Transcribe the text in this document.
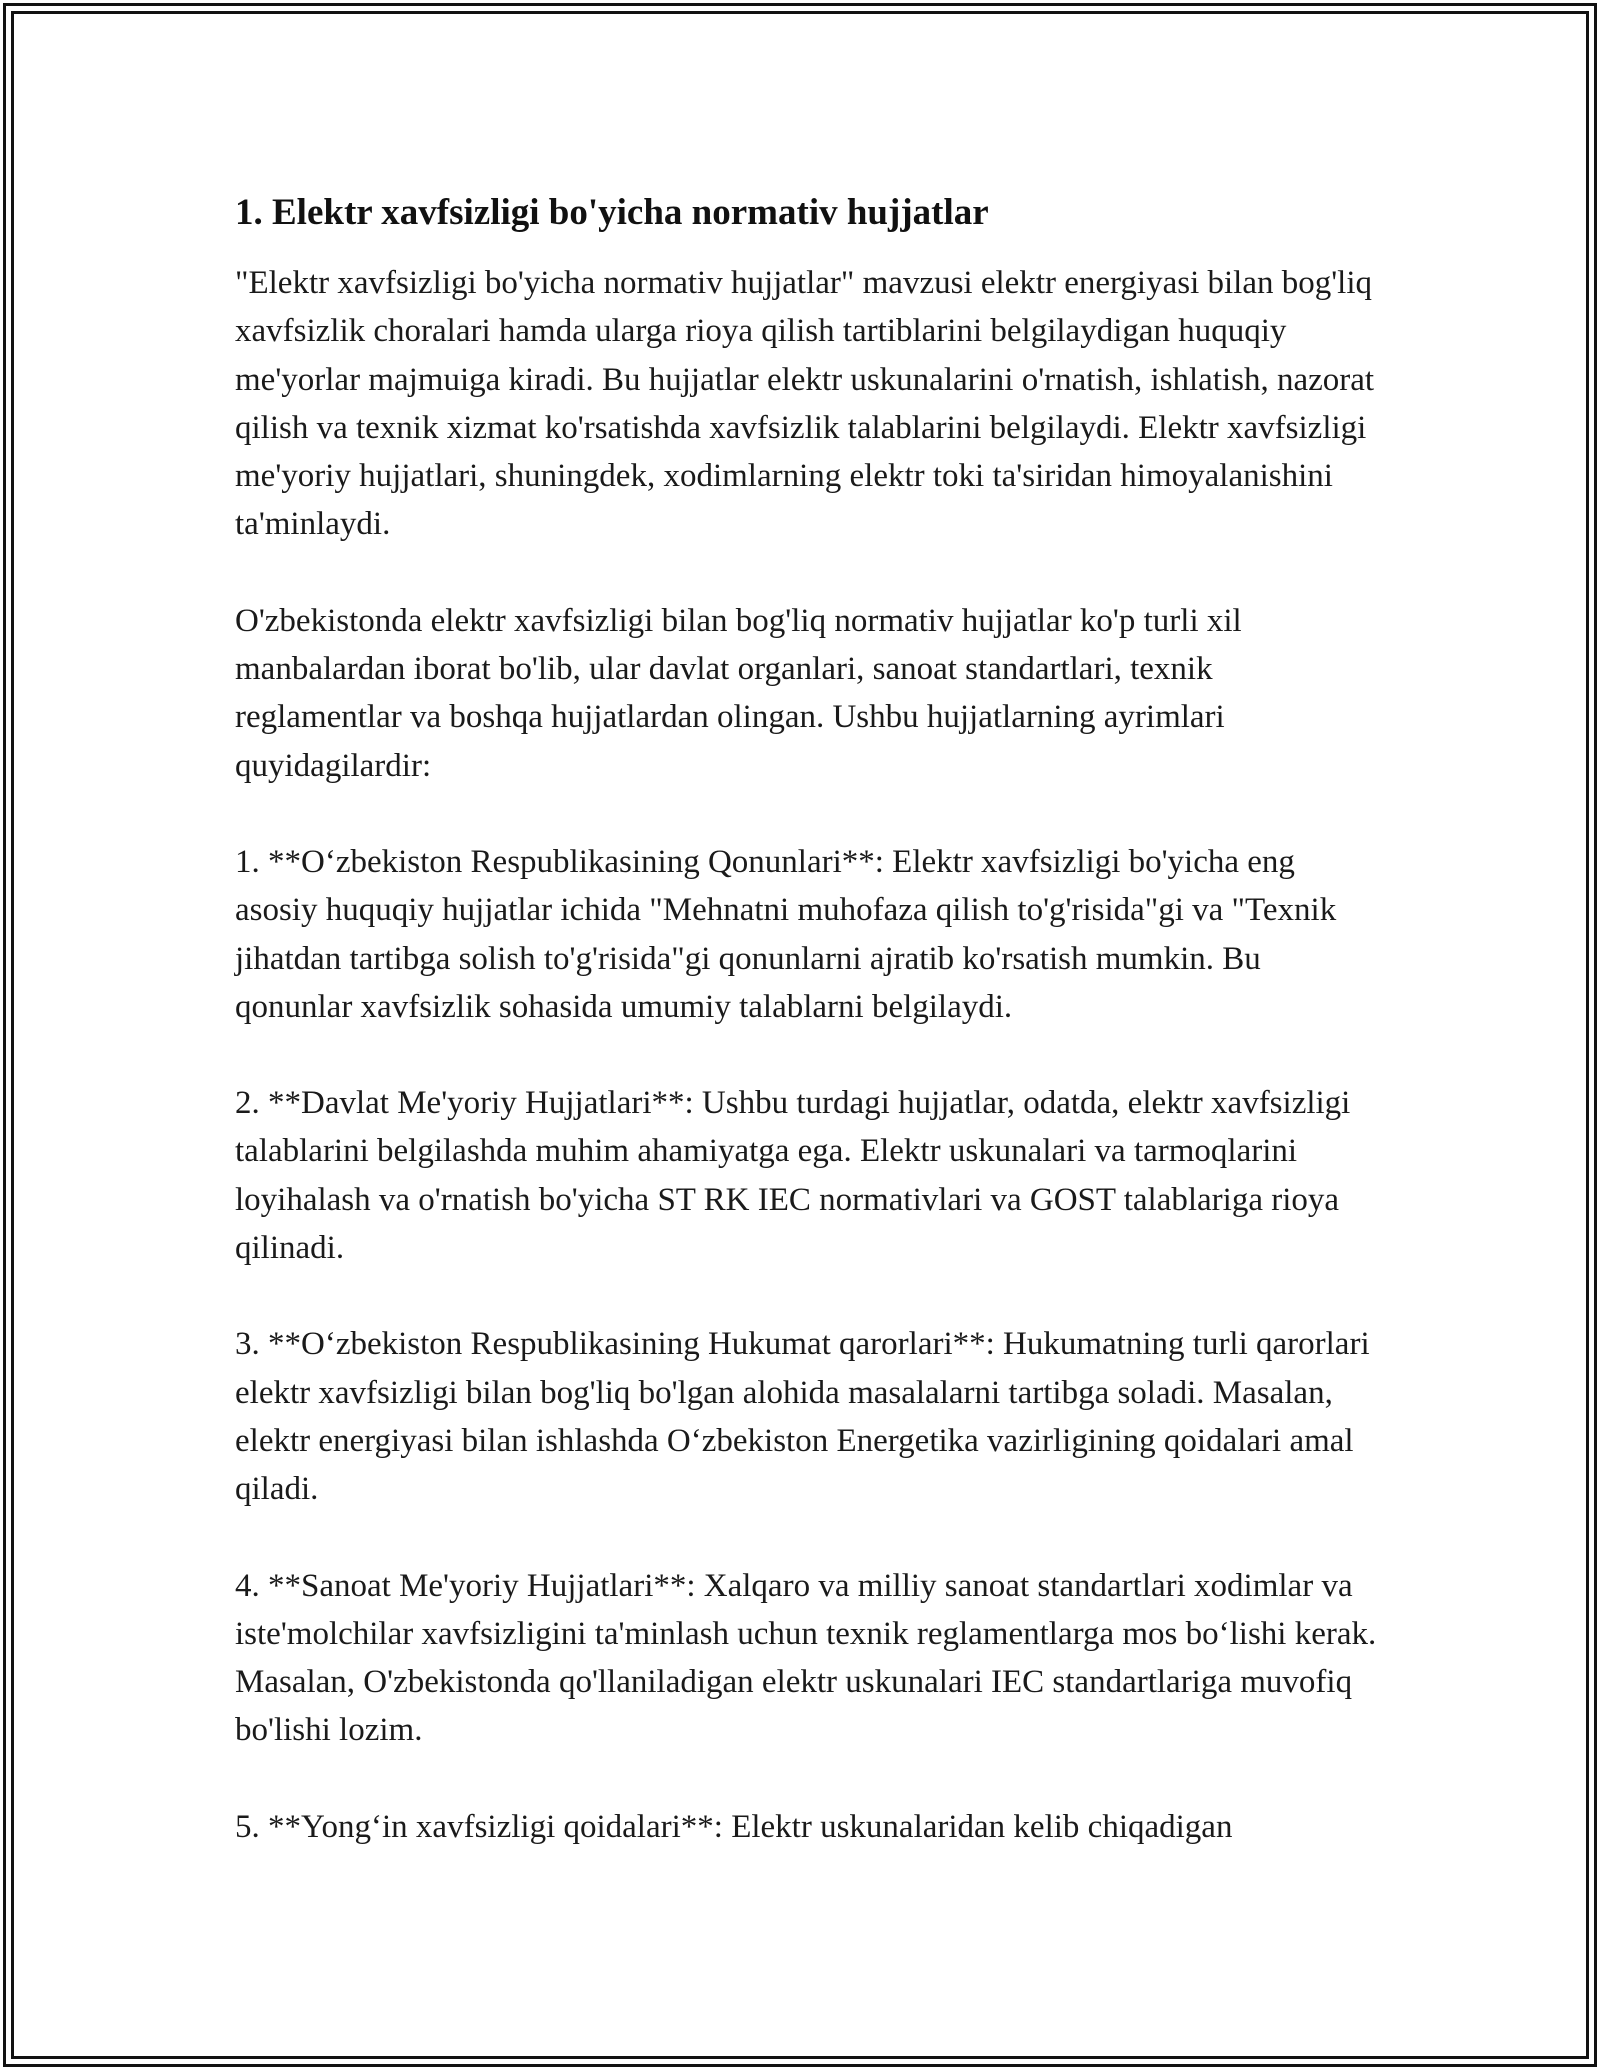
1. Elektr xavfsizligi bo'yicha normativ hujjatlar

"Elektr xavfsizligi bo'yicha normativ hujjatlar" mavzusi elektr energiyasi bilan bog'liq xavfsizlik choralari hamda ularga rioya qilish tartiblarini belgilaydigan huquqiy me'yorlar majmuiga kiradi. Bu hujjatlar elektr uskunalarini o'rnatish, ishlatish, nazorat qilish va texnik xizmat ko'rsatishda xavfsizlik talablarini belgilaydi. Elektr xavfsizligi me'yoriy hujjatlari, shuningdek, xodimlarning elektr toki ta'siridan himoyalanishini ta'minlaydi.

O'zbekistonda elektr xavfsizligi bilan bog'liq normativ hujjatlar ko'p turli xil manbalardan iborat bo'lib, ular davlat organlari, sanoat standartlari, texnik reglamentlar va boshqa hujjatlardan olingan. Ushbu hujjatlarning ayrimlari quyidagilardir:

1. **O‘zbekiston Respublikasining Qonunlari**: Elektr xavfsizligi bo'yicha eng asosiy huquqiy hujjatlar ichida "Mehnatni muhofaza qilish to'g'risida"gi va "Texnik jihatdan tartibga solish to'g'risida"gi qonunlarni ajratib ko'rsatish mumkin. Bu qonunlar xavfsizlik sohasida umumiy talablarni belgilaydi.

2. **Davlat Me'yoriy Hujjatlari**: Ushbu turdagi hujjatlar, odatda, elektr xavfsizligi talablarini belgilashda muhim ahamiyatga ega. Elektr uskunalari va tarmoqlarini loyihalash va o'rnatish bo'yicha ST RK IEC normativlari va GOST talablariga rioya qilinadi.

3. **O‘zbekiston Respublikasining Hukumat qarorlari**: Hukumatning turli qarorlari elektr xavfsizligi bilan bog'liq bo'lgan alohida masalalarni tartibga soladi. Masalan, elektr energiyasi bilan ishlashda O‘zbekiston Energetika vazirligining qoidalari amal qiladi.

4. **Sanoat Me'yoriy Hujjatlari**: Xalqaro va milliy sanoat standartlari xodimlar va iste'molchilar xavfsizligini ta'minlash uchun texnik reglamentlarga mos bo‘lishi kerak. Masalan, O'zbekistonda qo'llaniladigan elektr uskunalari IEC standartlariga muvofiq bo'lishi lozim.

5. **Yong‘in xavfsizligi qoidalari**: Elektr uskunalaridan kelib chiqadigan
